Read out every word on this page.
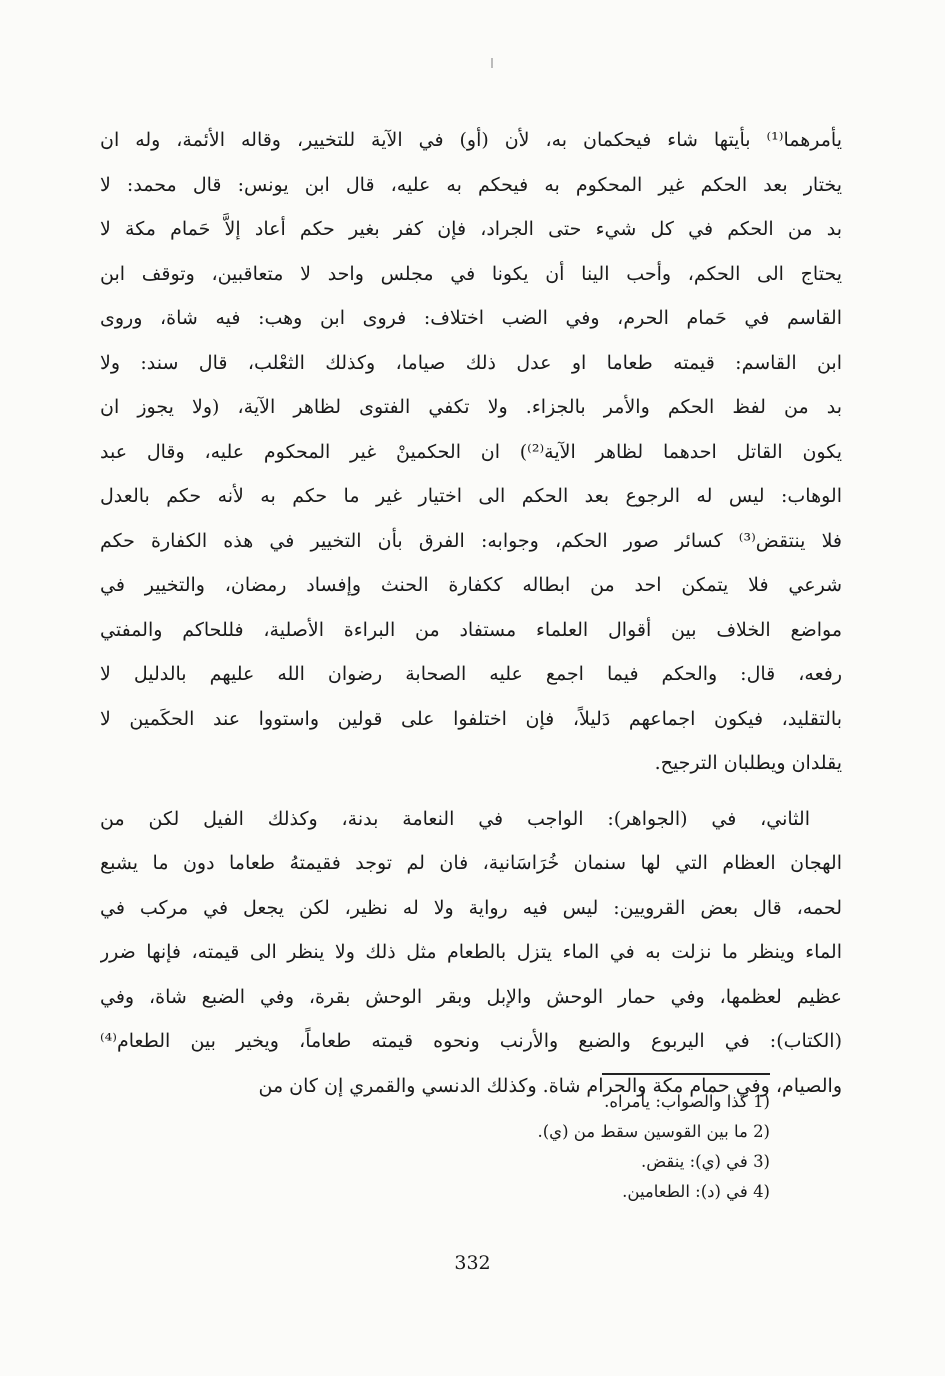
يأمرهما⁽¹⁾ بأيتها شاء فيحكمان به، لأن (أو) في الآية للتخيير، وقاله الأئمة، وله ان
يختار بعد الحكم غير المحكوم به فيحكم به عليه، قال ابن يونس: قال محمد: لا
بد من الحكم في كل شيء حتى الجراد، فإن كفر بغير حكم أعاد إلاَّ حَمام مكة لا
يحتاج الى الحكم، وأحب الينا أن يكونا في مجلس واحد لا متعاقبين، وتوقف ابن
القاسم في حَمام الحرم، وفي الضب اختلاف: فروى ابن وهب: فيه شاة، وروى
ابن القاسم: قيمته طعاما او عدل ذلك صياما، وكذلك الثعْلب، قال سند: ولا
بد من لفظ الحكم والأمر بالجزاء. ولا تكفي الفتوى لظاهر الآية، (ولا يجوز ان
يكون القاتل احدهما لظاهر الآية⁽²⁾) ان الحكمينْ غير المحكوم عليه، وقال عبد
الوهاب: ليس له الرجوع بعد الحكم الى اختيار غير ما حكم به لأنه حكم بالعدل
فلا ينتقض⁽³⁾ كسائر صور الحكم، وجوابه: الفرق بأن التخيير في هذه الكفارة حكم
شرعي فلا يتمكن احد من ابطاله ككفارة الحنث وإفساد رمضان، والتخيير في
مواضع الخلاف بين أقوال العلماء مستفاد من البراءة الأصلية، فللحاكم والمفتي
رفعه، قال: والحكم فيما اجمع عليه الصحابة رضوان الله عليهم بالدليل لا
بالتقليد، فيكون اجماعهم دَليلاً، فإن اختلفوا على قولين واستووا عند الحكَمين لا
يقلدان ويطلبان الترجيح.
الثاني، في (الجواهر): الواجب في النعامة بدنة، وكذلك الفيل لكن من
الهجان العظام التي لها سنمان خُرَاسَانية، فان لم توجد فقيمتهُ طعاما دون ما يشبع
لحمه، قال بعض القرويين: ليس فيه رواية ولا له نظير، لكن يجعل في مركب في
الماء وينظر ما نزلت به في الماء يتزل بالطعام مثل ذلك ولا ينظر الى قيمته، فإنها ضرر
عظيم لعظمها، وفي حمار الوحش والإبل وبقر الوحش بقرة، وفي الضبع شاة، وفي
(الكتاب): في اليربوع والضبع والأرنب ونحوه قيمته طعاماً، ويخير بين الطعام⁽⁴⁾
والصيام، وفي حمام مكة والحرام شاة. وكذلك الدنسي والقمري إن كان من
1) كذا والصواب: يأمراه.
2) ما بين القوسين سقط من (ي).
3) في (ي): ينقض.
4) في (د): الطعامين.
332
